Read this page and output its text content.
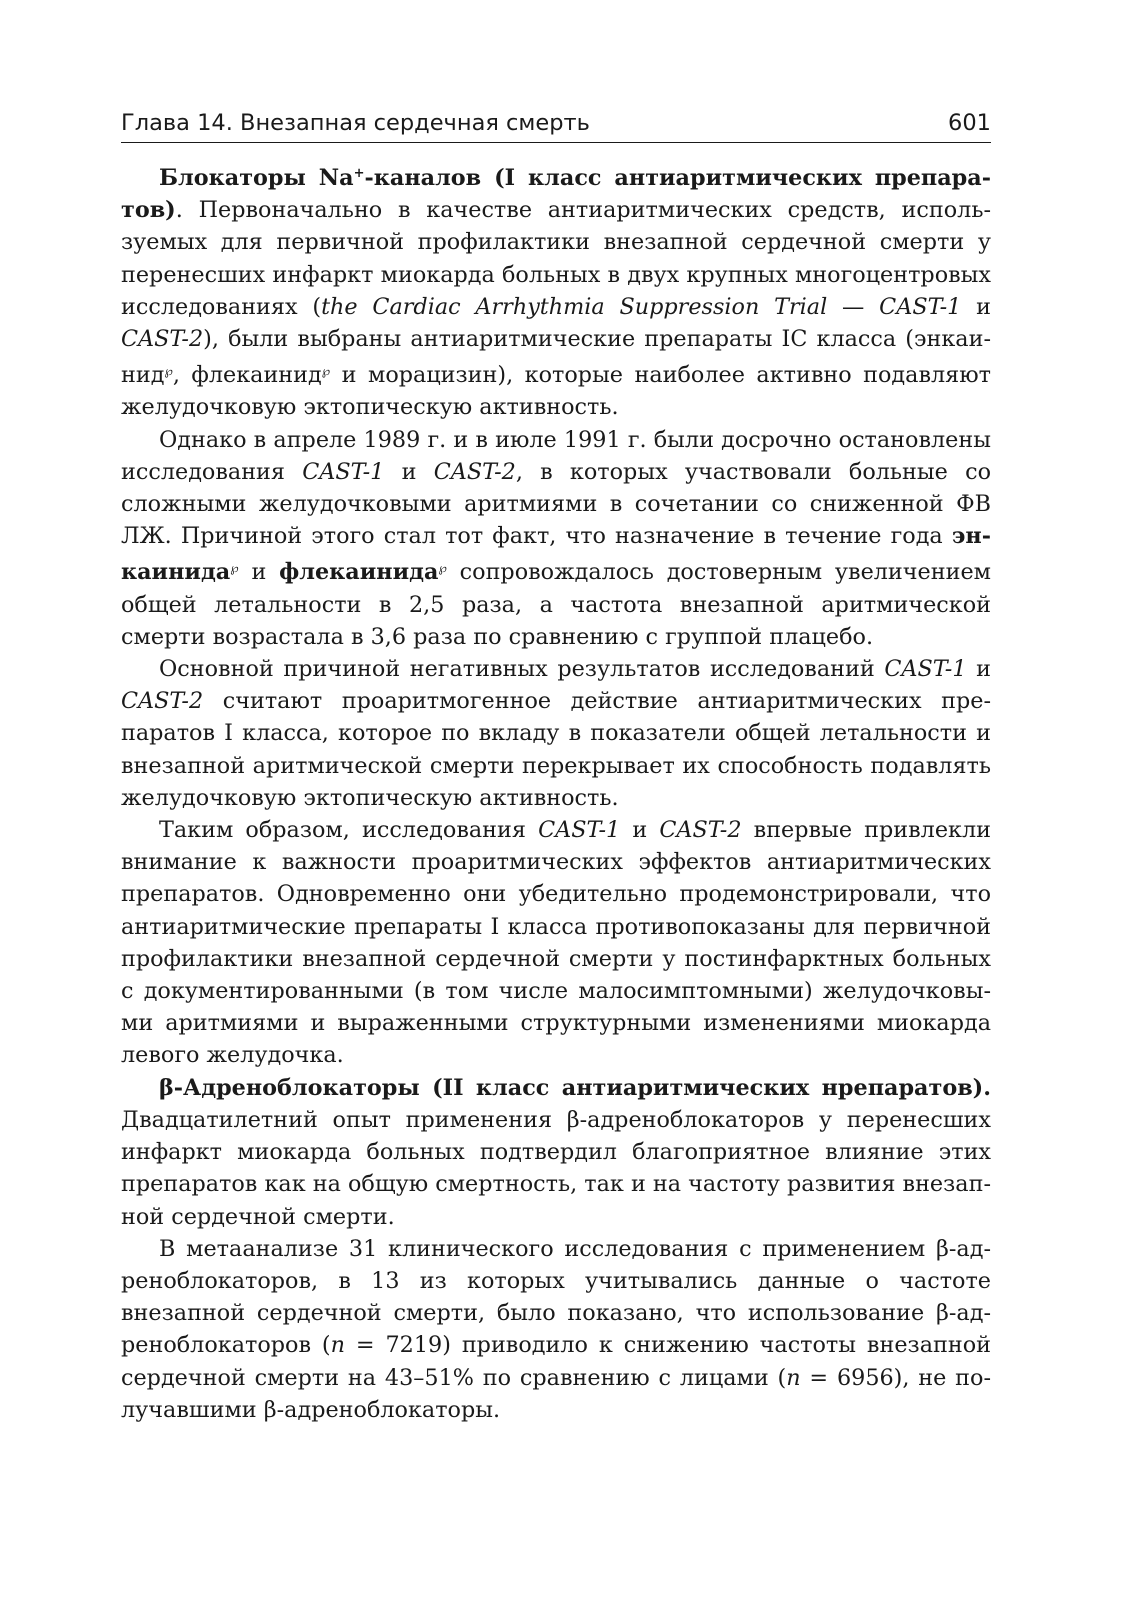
Глава 14. Внезапная сердечная смерть	601

Блокаторы Na+-каналов (I класс антиаритмических препаратов). Первоначально в качестве антиаритмических средств, используемых для первичной профилактики внезапной сердечной смерти у перенесших инфаркт миокарда больных в двух крупных многоцентровых исследованиях (the Cardiac Arrhythmia Suppression Trial — CAST-1 и CAST-2), были выбраны антиаритмические препараты IC класса (энкаинид℘, флекаинид℘ и морацизин), которые наиболее активно подавляют желудочковую эктопическую активность.

Однако в апреле 1989 г. и в июле 1991 г. были досрочно остановлены исследования CAST-1 и CAST-2, в которых участвовали больные со сложными желудочковыми аритмиями в сочетании со сниженной ФВ ЛЖ. Причиной этого стал тот факт, что назначение в течение года энкаинида℘ и флекаинида℘ сопровождалось достоверным увеличением общей летальности в 2,5 раза, а частота внезапной аритмической смерти возрастала в 3,6 раза по сравнению с группой плацебо.

Основной причиной негативных результатов исследований CAST-1 и CAST-2 считают проаритмогенное действие антиаритмических препаратов I класса, которое по вкладу в показатели общей летальности и внезапной аритмической смерти перекрывает их способность подавлять желудочковую эктопическую активность.

Таким образом, исследования CAST-1 и CAST-2 впервые привлекли внимание к важности проаритмических эффектов антиаритмических препаратов. Одновременно они убедительно продемонстрировали, что антиаритмические препараты I класса противопоказаны для первичной профилактики внезапной сердечной смерти у постинфарктных больных с документированными (в том числе малосимптомными) желудочковыми аритмиями и выраженными структурными изменениями миокарда левого желудочка.

β-Адреноблокаторы (II класс антиаритмических нрепаратов). Двадцатилетний опыт применения β-адреноблокаторов у перенесших инфаркт миокарда больных подтвердил благоприятное влияние этих препаратов как на общую смертность, так и на частоту развития внезапной сердечной смерти.

В метаанализе 31 клинического исследования с применением β-адреноблокаторов, в 13 из которых учитывались данные о частоте внезапной сердечной смерти, было показано, что использование β-адреноблокаторов (n = 7219) приводило к снижению частоты внезапной сердечной смерти на 43–51% по сравнению с лицами (n = 6956), не получавшими β-адреноблокаторы.
